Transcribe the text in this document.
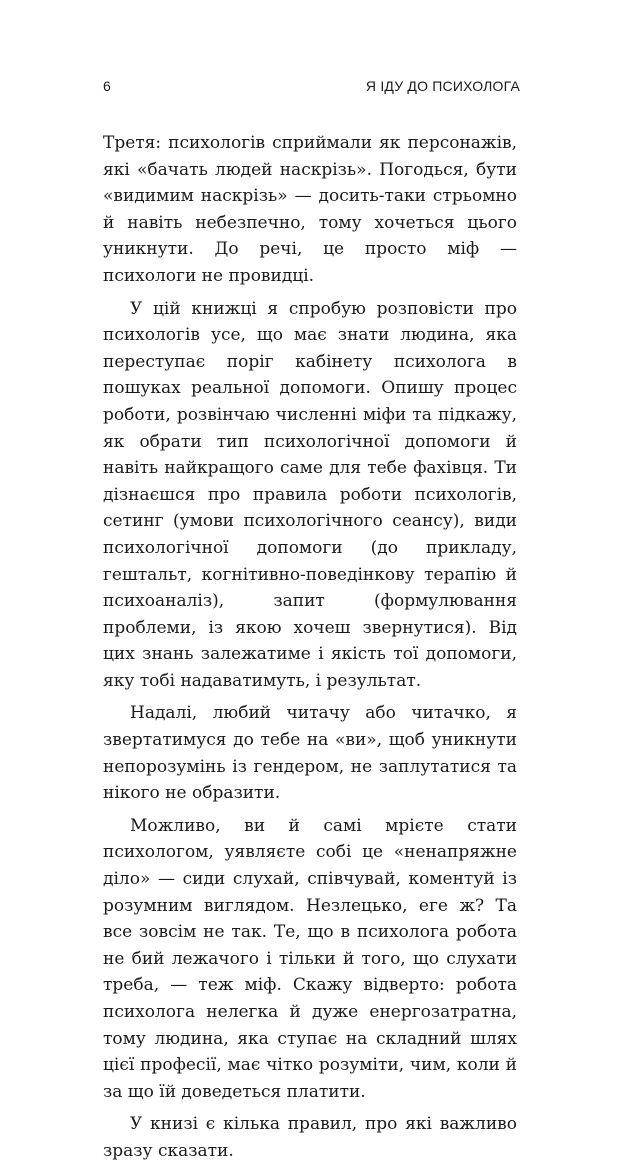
6	Я ІДУ ДО ПСИХОЛОГА

Третя: психологів сприймали як персонажів, які «бачать людей наскрізь». Погодься, бути «видимим наскрізь» — досить-таки стрьомно й навіть небезпечно, тому хочеться цього уникнути. До речі, це просто міф — психологи не провидці.

У цій книжці я спробую розповісти про психологів усе, що має знати людина, яка переступає поріг кабінету психолога в пошуках реальної допомоги. Опишу процес роботи, розвінчаю численні міфи та підкажу, як обрати тип психологічної допомоги й навіть найкращого саме для тебе фахівця. Ти дізнаєшся про правила роботи психологів, сетинг (умови психологічного сеансу), види психологічної допомоги (до прикладу, гештальт, когнітивно-поведінкову терапію й психоаналіз), запит (формулювання проблеми, із якою хочеш звернутися). Від цих знань залежатиме і якість тої допомоги, яку тобі надаватимуть, і результат.

Надалі, любий читачу або читачко, я звертатимуся до тебе на «ви», щоб уникнути непорозумінь із гендером, не заплутатися та нікого не образити.

Можливо, ви й самі мрієте стати психологом, уявляєте собі це «ненапряжне діло» — сиди слухай, співчувай, коментуй із розумним виглядом. Незлецько, еге ж? Та все зовсім не так. Те, що в психолога робота не бий лежачого і тільки й того, що слухати треба, — теж міф. Скажу відверто: робота психолога нелегка й дуже енергозатратна, тому людина, яка ступає на складний шлях цієї професії, має чітко розуміти, чим, коли й за що їй доведеться платити.

У книзі є кілька правил, про які важливо зразу сказати.
